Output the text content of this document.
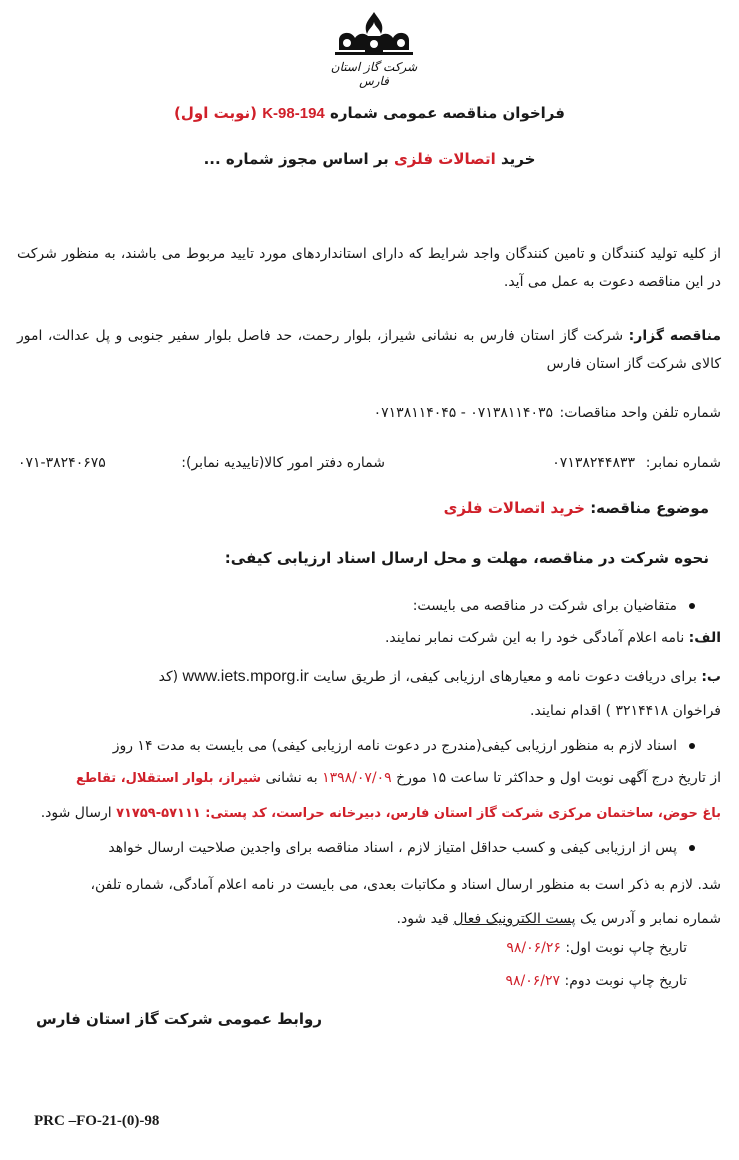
شرکت گاز استان فارس
فراخوان مناقصه عمومی شماره K-98-194 (نوبت اول)
خرید اتصالات فلزی بر اساس مجوز شماره ...
از کلیه تولید کنندگان و تامین کنندگان واجد شرایط که دارای استانداردهای مورد تایید مربوط می باشند، به منظور شرکت در این مناقصه دعوت به عمل می آید.
مناقصه گزار: شرکت گاز استان فارس به نشانی شیراز، بلوار رحمت، حد فاصل بلوار سفیر جنوبی و پل عدالت، امور کالای شرکت گاز استان فارس
شماره تلفن واحد مناقصات:
۰۷۱۳۸۱۱۴۰۳۵ - ۰۷۱۳۸۱۱۴۰۴۵
شماره نمابر:
۰۷۱۳۸۲۴۴۸۳۳
شماره دفتر امور کالا(تاییدیه نمابر):
۰۷۱-۳۸۲۴۰۶۷۵
موضوع مناقصه: خرید اتصالات فلزی
نحوه شرکت در مناقصه، مهلت و محل ارسال اسناد ارزیابی کیفی:
متقاضیان برای شرکت در مناقصه می بایست:
الف: نامه اعلام آمادگی خود را به این شرکت نمابر نمایند.
ب: برای دریافت دعوت نامه و معیارهای ارزیابی کیفی، از طریق سایت www.iets.mporg.ir (کد
فراخوان ۳۲۱۴۴۱۸ ) اقدام نمایند.
اسناد لازم به منظور ارزیابی کیفی(مندرج در دعوت نامه ارزیابی کیفی) می بایست به مدت ۱۴ روز
از تاریخ درج آگهی نوبت اول و حداکثر تا ساعت ۱۵ مورخ ۱۳۹۸/۰۷/۰۹ به نشانی شیراز، بلوار استقلال، تقاطع
باغ حوض، ساختمان مرکزی شرکت گاز استان فارس، دبیرخانه حراست، کد پستی: ۵۷۱۱۱-۷۱۷۵۹ ارسال شود.
پس از ارزیابی کیفی و کسب حداقل امتیاز لازم ، اسناد مناقصه برای واجدین صلاحیت ارسال خواهد
شد. لازم به ذکر است به منظور ارسال اسناد و مکاتبات بعدی، می بایست در نامه اعلام آمادگی، شماره تلفن،
شماره نمابر و آدرس یک پست الکترونیک فعال قید شود.
تاریخ چاپ نوبت اول: ۹۸/۰۶/۲۶
تاریخ چاپ نوبت دوم: ۹۸/۰۶/۲۷
روابط عمومی شرکت گاز استان فارس
PRC –FO-21-(0)-98
